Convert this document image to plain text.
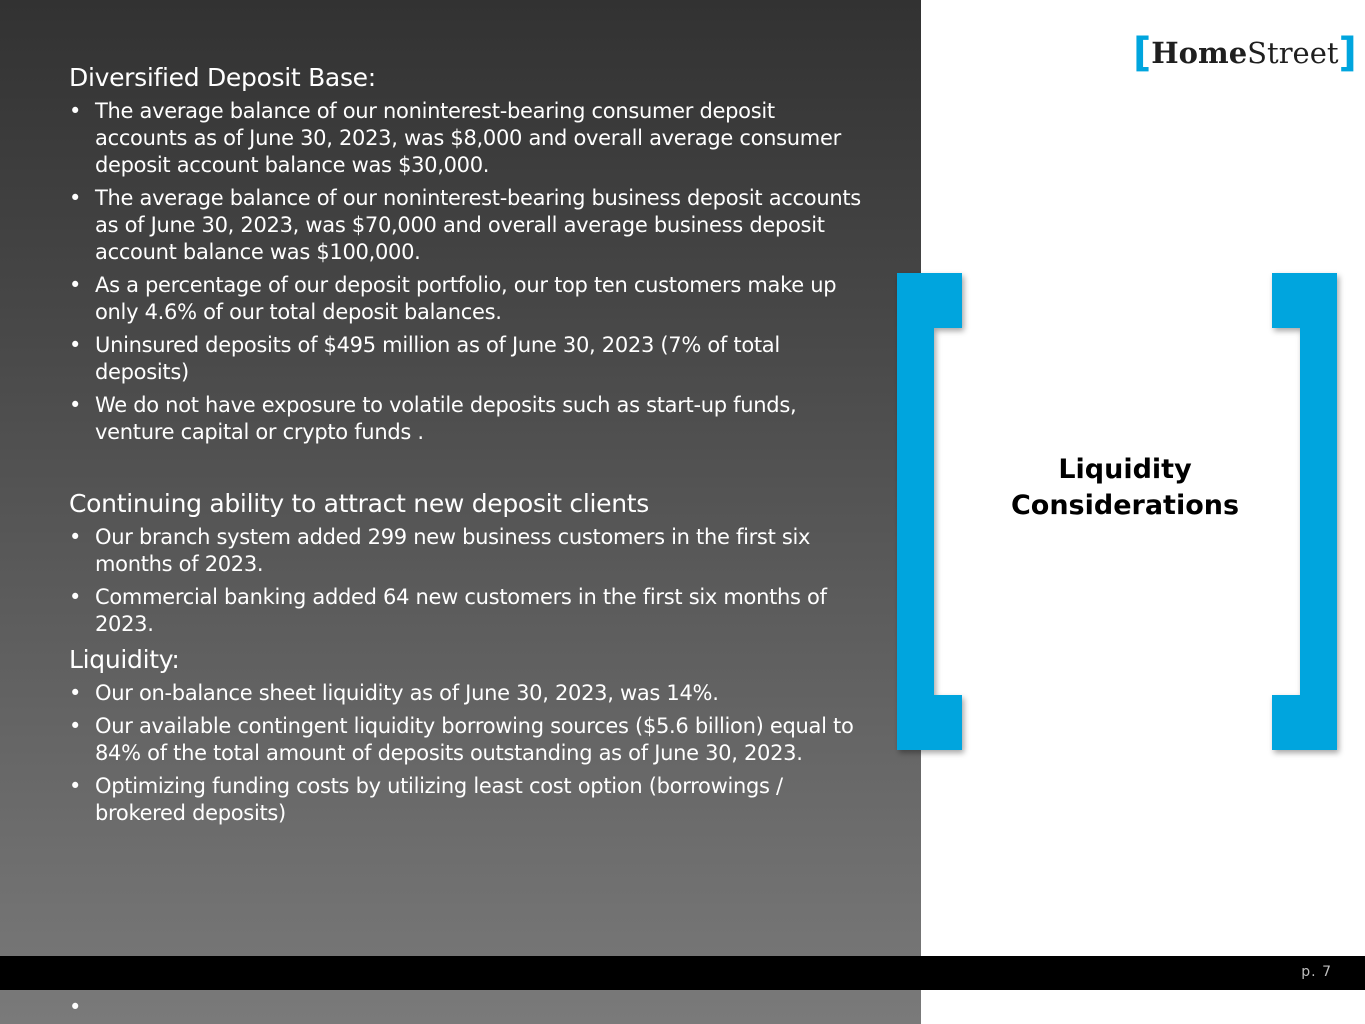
Diversified Deposit Base:
• The average balance of our noninterest-bearing consumer deposit accounts as of June 30, 2023, was $8,000 and overall average consumer deposit account balance was $30,000.
• The average balance of our noninterest-bearing business deposit accounts as of June 30, 2023, was $70,000 and overall average business deposit account balance was $100,000.
• As a percentage of our deposit portfolio, our top ten customers make up only 4.6% of our total deposit balances.
• Uninsured deposits of $495 million as of June 30, 2023 (7% of total deposits)
• We do not have exposure to volatile deposits such as start-up funds, venture capital or crypto funds .
Continuing ability to attract new deposit clients
• Our branch system added 299 new business customers in the first six months of 2023.
• Commercial banking added 64 new customers in the first six months of 2023.
Liquidity:
• Our on-balance sheet liquidity as of June 30, 2023, was 14%.
• Our available contingent liquidity borrowing sources ($5.6 billion) equal to 84% of the total amount of deposits outstanding as of June 30, 2023.
• Optimizing funding costs by utilizing least cost option (borrowings / brokered deposits)
[ Home Street ]
Liquidity
Considerations
p. 7
•
